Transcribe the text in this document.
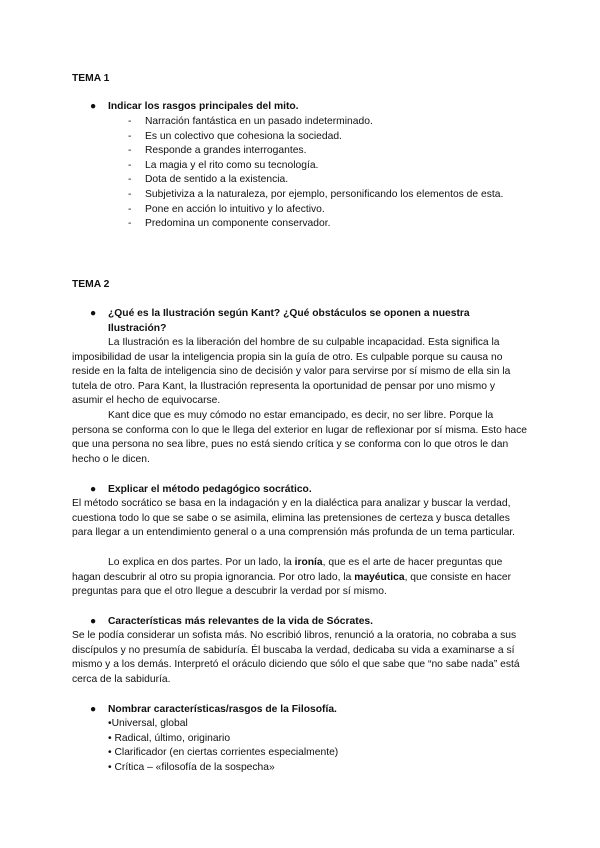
TEMA 1
●	Indicar los rasgos principales del mito.
- Narración fantástica en un pasado indeterminado.
- Es un colectivo que cohesiona la sociedad.
- Responde a grandes interrogantes.
- La magia y el rito como su tecnología.
- Dota de sentido a la existencia.
- Subjetiviza a la naturaleza, por ejemplo, personificando los elementos de esta.
- Pone en acción lo intuitivo y lo afectivo.
- Predomina un componente conservador.
TEMA 2
●	¿Qué es la Ilustración según Kant? ¿Qué obstáculos se oponen a nuestra Ilustración?
La Ilustración es la liberación del hombre de su culpable incapacidad. Esta significa la imposibilidad de usar la inteligencia propia sin la guía de otro. Es culpable porque su causa no reside en la falta de inteligencia sino de decisión y valor para servirse por sí mismo de ella sin la tutela de otro. Para Kant, la Ilustración representa la oportunidad de pensar por uno mismo y asumir el hecho de equivocarse.
Kant dice que es muy cómodo no estar emancipado, es decir, no ser libre. Porque la persona se conforma con lo que le llega del exterior en lugar de reflexionar por sí misma. Esto hace que una persona no sea libre, pues no está siendo crítica y se conforma con lo que otros le dan hecho o le dicen.
●	Explicar el método pedagógico socrático.
El método socrático se basa en la indagación y en la dialéctica para analizar y buscar la verdad, cuestiona todo lo que se sabe o se asimila, elimina las pretensiones de certeza y busca detalles para llegar a un entendimiento general o a una comprensión más profunda de un tema particular.
Lo explica en dos partes. Por un lado, la ironía, que es el arte de hacer preguntas que hagan descubrir al otro su propia ignorancia. Por otro lado, la mayéutica, que consiste en hacer preguntas para que el otro llegue a descubrir la verdad por sí mismo.
●	Características más relevantes de la vida de Sócrates.
Se le podía considerar un sofista más. No escribió libros, renunció a la oratoria, no cobraba a sus discípulos y no presumía de sabiduría. Él buscaba la verdad, dedicaba su vida a examinarse a sí mismo y a los demás. Interpretó el oráculo diciendo que sólo el que sabe que “no sabe nada” está cerca de la sabiduría.
●	Nombrar características/rasgos de la Filosofía.
•Universal, global
• Radical, último, originario
• Clarificador (en ciertas corrientes especialmente)
• Crítica – «filosofía de la sospecha»
